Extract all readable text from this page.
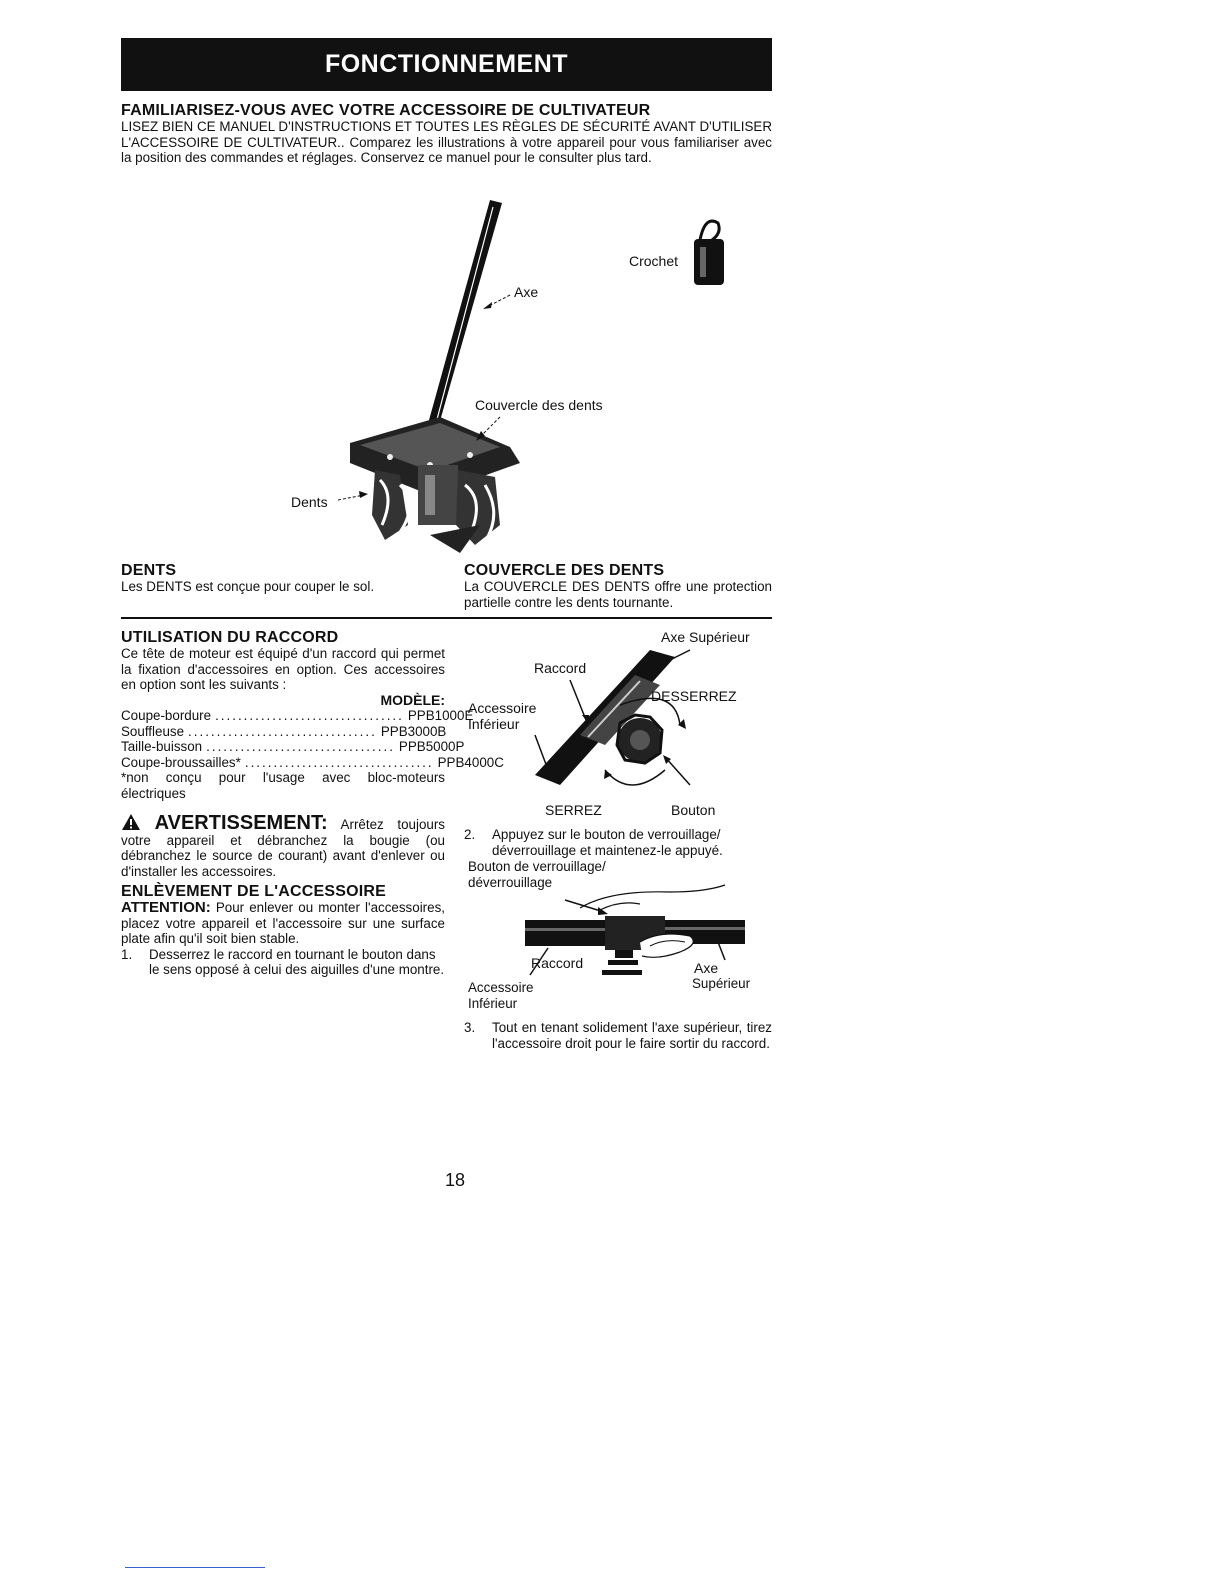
FONCTIONNEMENT

FAMILIARISEZ-VOUS AVEC VOTRE ACCESSOIRE DE CULTIVATEUR

LISEZ BIEN CE MANUEL D'INSTRUCTIONS ET TOUTES LES RÈGLES DE SÉCURITÉ AVANT D'UTILISER L'ACCESSOIRE DE CULTIVATEUR.. Comparez les illustrations à votre appareil pour vous familiariser avec la position des commandes et réglages. Conservez ce manuel pour le consulter plus tard.

Axe
Crochet
Couvercle des dents
Dents

DENTS

Les DENTS est conçue pour couper le sol.

COUVERCLE DES DENTS

La COUVERCLE DES DENTS offre une protection partielle contre les dents tournante.

UTILISATION DU RACCORD

Ce tête de moteur est équipé d'un raccord qui permet la fixation d'accessoires en option. Ces accessoires en option sont les suivants :

MODÈLE:
Coupe-bordure ................................. PPB1000E
Souffleuse ................................. PPB3000B
Taille-buisson ................................. PPB5000P
Coupe-broussailles* ................................. PPB4000C

*non conçu pour l'usage avec bloc-moteurs électriques

AVERTISSEMENT: Arrêtez toujours votre appareil et débranchez la bougie (ou débranchez le source de courant) avant d'enlever ou d'installer les accessoires.

ENLÈVEMENT DE L'ACCESSOIRE

ATTENTION: Pour enlever ou monter l'accessoires, placez votre appareil et l'accessoire sur une surface plate afin qu'il soit bien stable.

1. Desserrez le raccord en tournant le bouton dans le sens opposé à celui des aiguilles d'une montre.
Axe Supérieur
Raccord
DESSERREZ
Accessoire
Inférieur
SERREZ	Bouton
2. Appuyez sur le bouton de verrouillage/ déverrouillage et maintenez-le appuyé.
Bouton de verrouillage/
déverrouillage
Raccord	Axe
Supérieur
Accessoire
Inférieur
3. Tout en tenant solidement l'axe supérieur, tirez l'accessoire droit pour le faire sortir du raccord.
18
